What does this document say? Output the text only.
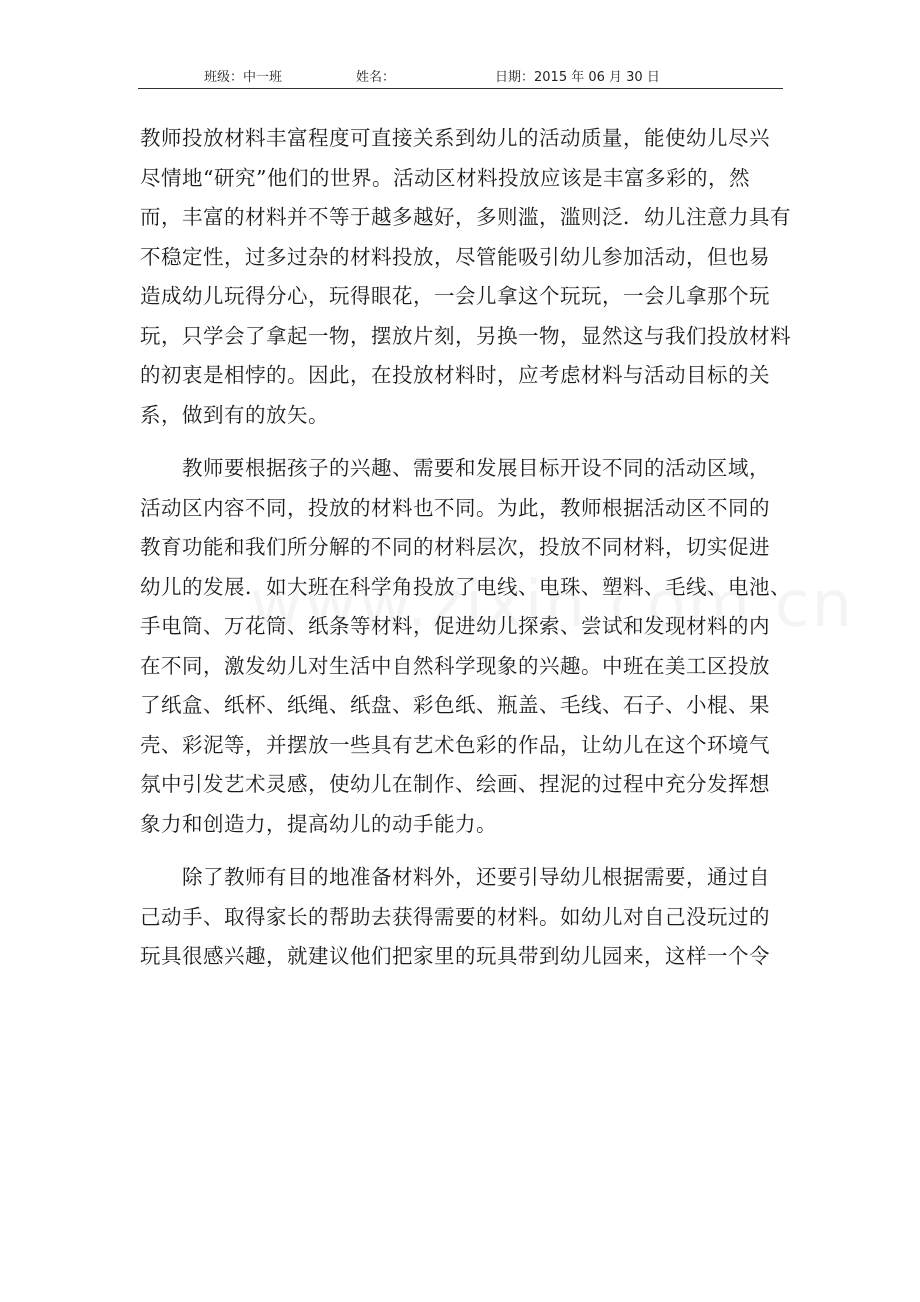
班级：中一班	姓名：	日期：2015 年 06 月 30 日

教师投放材料丰富程度可直接关系到幼儿的活动质量，能使幼儿尽兴
尽情地“研究”他们的世界。活动区材料投放应该是丰富多彩的，然
而，丰富的材料并不等于越多越好，多则滥，滥则泛．幼儿注意力具有
不稳定性，过多过杂的材料投放，尽管能吸引幼儿参加活动，但也易
造成幼儿玩得分心，玩得眼花，一会儿拿这个玩玩，一会儿拿那个玩
玩，只学会了拿起一物，摆放片刻，另换一物，显然这与我们投放材料
的初衷是相悖的。因此，在投放材料时，应考虑材料与活动目标的关
系，做到有的放矢。

教师要根据孩子的兴趣、需要和发展目标开设不同的活动区域，
活动区内容不同，投放的材料也不同。为此，教师根据活动区不同的
教育功能和我们所分解的不同的材料层次，投放不同材料，切实促进
幼儿的发展．如大班在科学角投放了电线、电珠、塑料、毛线、电池、
手电筒、万花筒、纸条等材料，促进幼儿探索、尝试和发现材料的内
在不同，激发幼儿对生活中自然科学现象的兴趣。中班在美工区投放
了纸盒、纸杯、纸绳、纸盘、彩色纸、瓶盖、毛线、石子、小棍、果
壳、彩泥等，并摆放一些具有艺术色彩的作品，让幼儿在这个环境气
氛中引发艺术灵感，使幼儿在制作、绘画、捏泥的过程中充分发挥想
象力和创造力，提高幼儿的动手能力。

除了教师有目的地准备材料外，还要引导幼儿根据需要，通过自
己动手、取得家长的帮助去获得需要的材料。如幼儿对自己没玩过的
玩具很感兴趣，就建议他们把家里的玩具带到幼儿园来，这样一个令
